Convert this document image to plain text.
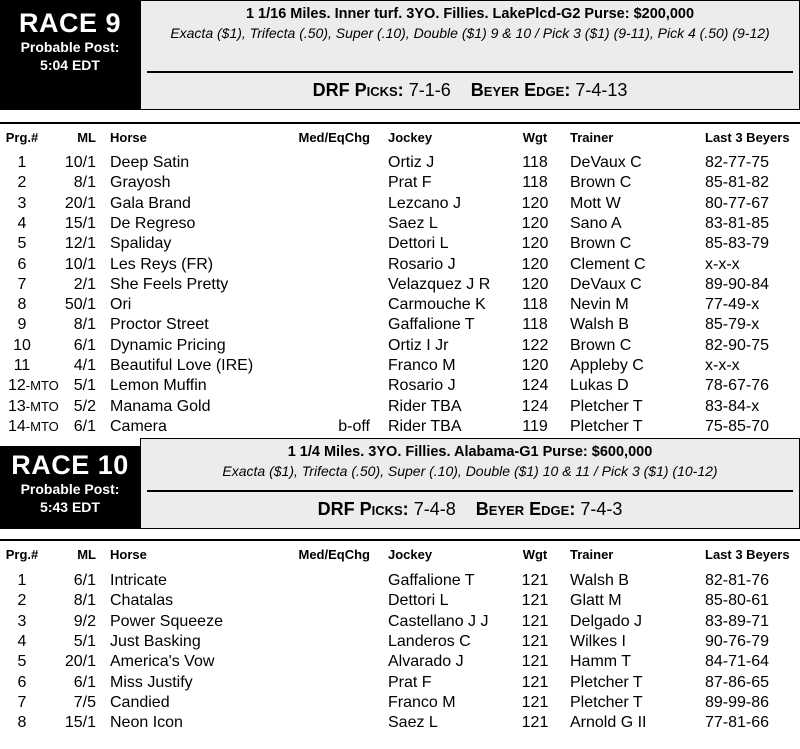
RACE 9
Probable Post:
5:04 EDT
1 1/16 Miles. Inner turf. 3YO. Fillies. LakePlcd-G2 Purse: $200,000
Exacta ($1), Trifecta (.50), Super (.10), Double ($1) 9 & 10 / Pick 3 ($1) (9-11), Pick 4 (.50) (9-12)
DRF Picks: 7-1-6 Beyer Edge: 7-4-13
Prg.#	ML Horse	Med/EqChg Jockey	Wgt	Trainer	Last 3 Beyers
1	10/1 Deep Satin	Ortiz J	118 DeVaux C	82-77-75
2	8/1 Grayosh	Prat F	118 Brown C	85-81-82
3	20/1 Gala Brand	Lezcano J	120 Mott W	80-77-67
4	15/1 De Regreso	Saez L	120 Sano A	83-81-85
5	12/1 Spaliday	Dettori L	120 Brown C	85-83-79
6	10/1 Les Reys (FR)	Rosario J	120 Clement C	x-x-x
7	2/1 She Feels Pretty	Velazquez J R 120 DeVaux C	89-90-84
8	50/1 Ori	Carmouche K 118 Nevin M	77-49-x
9	8/1 Proctor Street	Gaffalione T	118 Walsh B	85-79-x
10	6/1 Dynamic Pricing	Ortiz I Jr	122 Brown C	82-90-75
11	4/1 Beautiful Love (IRE)	Franco M	120 Appleby C	x-x-x
12-MTO 5/1 Lemon Muffin	Rosario J	124 Lukas D	78-67-76
13-MTO 5/2 Manama Gold	Rider TBA	124 Pletcher T	83-84-x
14-MTO 6/1 Camera	b-off Rider TBA	119 Pletcher T	75-85-70
RACE 10
Probable Post:
5:43 EDT
1 1/4 Miles. 3YO. Fillies. Alabama-G1 Purse: $600,000
Exacta ($1), Trifecta (.50), Super (.10), Double ($1) 10 & 11 / Pick 3 ($1) (10-12)
DRF Picks: 7-4-8 Beyer Edge: 7-4-3
Prg.#	ML Horse	Med/EqChg Jockey	Wgt	Trainer	Last 3 Beyers
1	6/1 Intricate	Gaffalione T	121 Walsh B	82-81-76
2	8/1 Chatalas	Dettori L	121 Glatt M	85-80-61
3	9/2 Power Squeeze	Castellano J J 121 Delgado J	83-89-71
4	5/1 Just Basking	Landeros C	121 Wilkes I	90-76-79
5	20/1 America's Vow	Alvarado J	121 Hamm T	84-71-64
6	6/1 Miss Justify	Prat F	121 Pletcher T	87-86-65
7	7/5 Candied	Franco M	121 Pletcher T	89-99-86
8	15/1 Neon Icon	Saez L	121 Arnold G II	77-81-66
